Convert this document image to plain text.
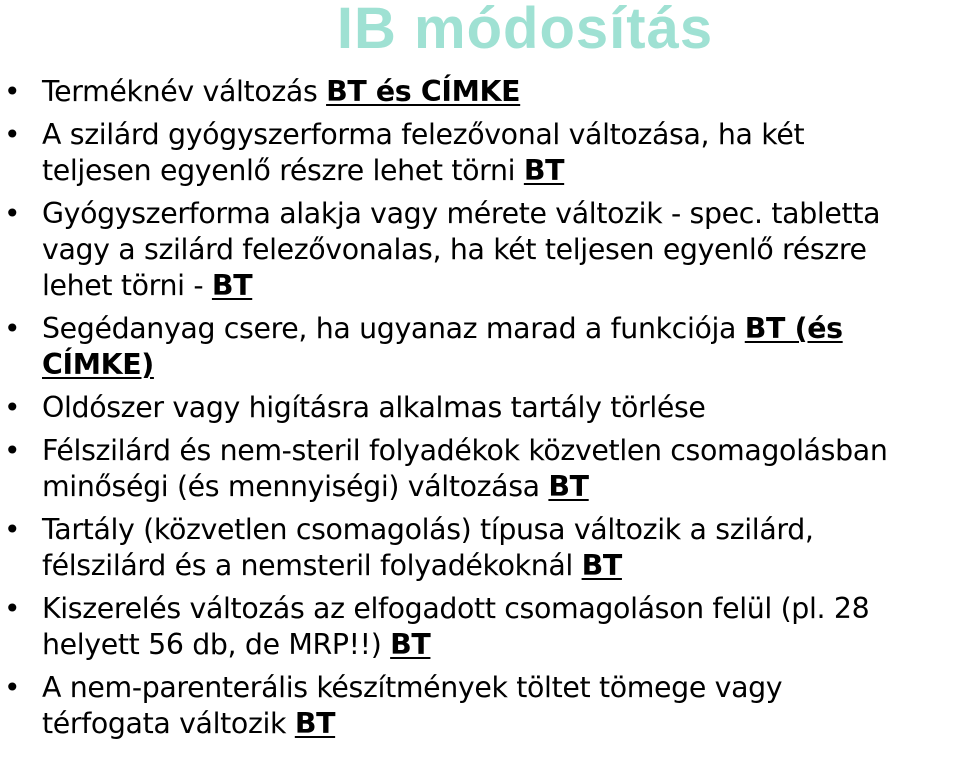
IB módosítás
• Terméknév változás BT és CÍMKE
• A szilárd gyógyszerforma felezővonal változása, ha két
teljesen egyenlő részre lehet törni BT
• Gyógyszerforma alakja vagy mérete változik - spec. tabletta
vagy a szilárd felezővonalas, ha két teljesen egyenlő részre
lehet törni - BT
• Segédanyag csere, ha ugyanaz marad a funkciója BT (és
CÍMKE)
• Oldószer vagy higításra alkalmas tartály törlése
• Félszilárd és nem-steril folyadékok közvetlen csomagolásban
minőségi (és mennyiségi) változása BT
• Tartály (közvetlen csomagolás) típusa változik a szilárd,
félszilárd és a nemsteril folyadékoknál BT
• Kiszerelés változás az elfogadott csomagoláson felül (pl. 28
helyett 56 db, de MRP!!) BT
• A nem-parenterális készítmények töltet tömege vagy
térfogata változik BT
